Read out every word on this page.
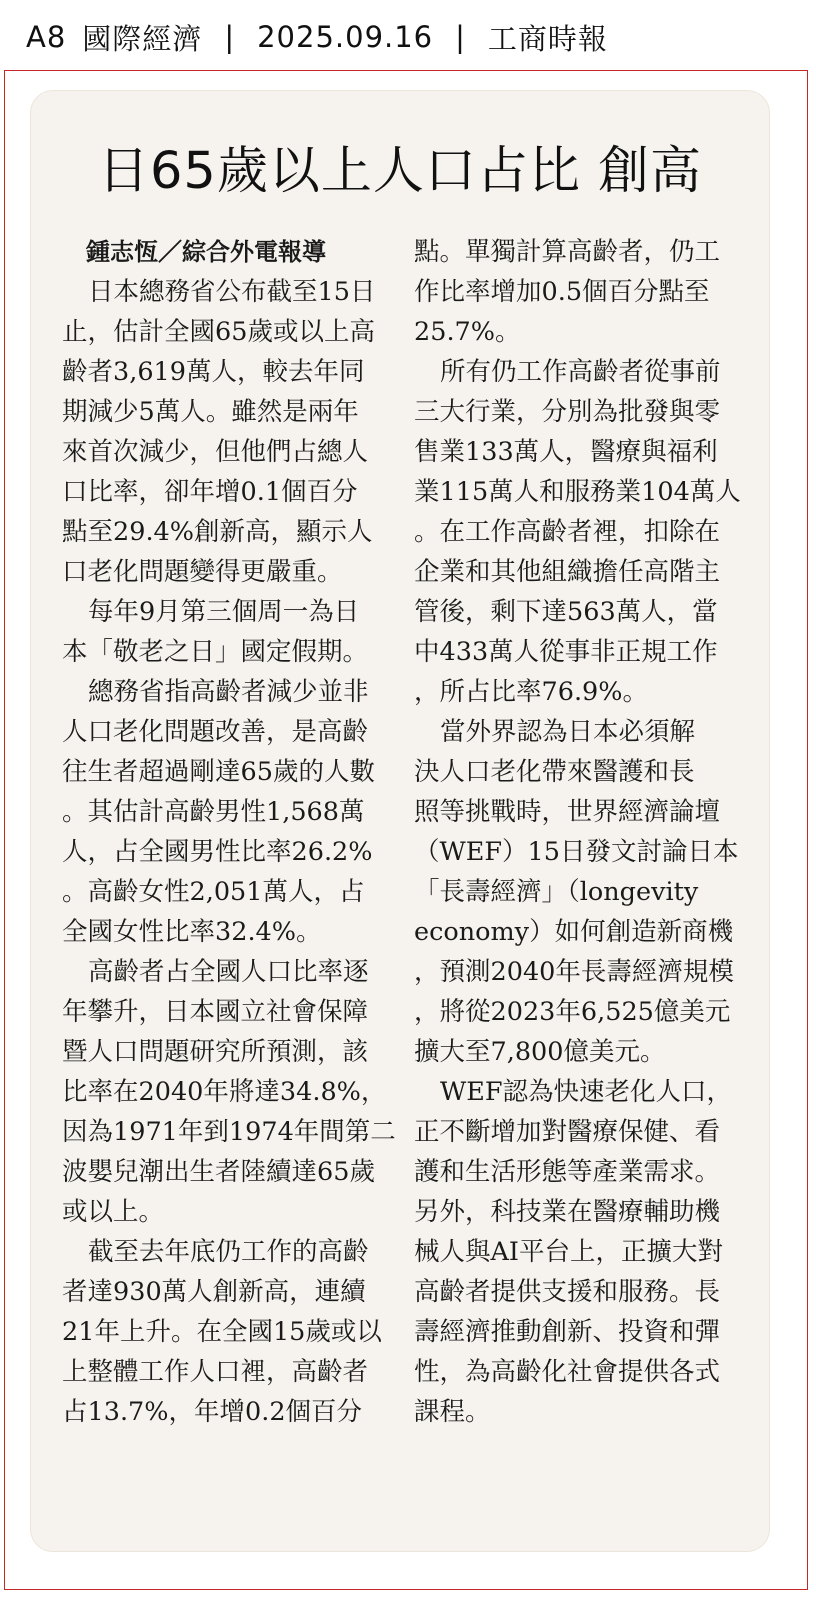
A8 國際經濟 | 2025.09.16 | 工商時報
日65歲以上人口占比 創高
鍾志恆／綜合外電報導
日本總務省公布截至15日
止，估計全國65歲或以上高
齡者3,619萬人，較去年同
期減少5萬人。雖然是兩年
來首次減少，但他們占總人
口比率，卻年增0.1個百分
點至29.4%創新高，顯示人
口老化問題變得更嚴重。
每年9月第三個周一為日
本「敬老之日」國定假期。
總務省指高齡者減少並非
人口老化問題改善，是高齡
往生者超過剛達65歲的人數
。其估計高齡男性1,568萬
人，占全國男性比率26.2%
。高齡女性2,051萬人，占
全國女性比率32.4%。
高齡者占全國人口比率逐
年攀升，日本國立社會保障
暨人口問題研究所預測，該
比率在2040年將達34.8%，
因為1971年到1974年間第二
波嬰兒潮出生者陸續達65歲
或以上。
截至去年底仍工作的高齡
者達930萬人創新高，連續
21年上升。在全國15歲或以
上整體工作人口裡，高齡者
占13.7%，年增0.2個百分
點。單獨計算高齡者，仍工
作比率增加0.5個百分點至
25.7%。
所有仍工作高齡者從事前
三大行業，分別為批發與零
售業133萬人，醫療與福利
業115萬人和服務業104萬人
。在工作高齡者裡，扣除在
企業和其他組織擔任高階主
管後，剩下達563萬人，當
中433萬人從事非正規工作
，所占比率76.9%。
當外界認為日本必須解
決人口老化帶來醫護和長
照等挑戰時，世界經濟論壇
（WEF）15日發文討論日本
「長壽經濟」（longevity
economy）如何創造新商機
，預測2040年長壽經濟規模
，將從2023年6,525億美元
擴大至7,800億美元。
WEF認為快速老化人口，
正不斷增加對醫療保健、看
護和生活形態等產業需求。
另外，科技業在醫療輔助機
械人與AI平台上，正擴大對
高齡者提供支援和服務。長
壽經濟推動創新、投資和彈
性，為高齡化社會提供各式
課程。
